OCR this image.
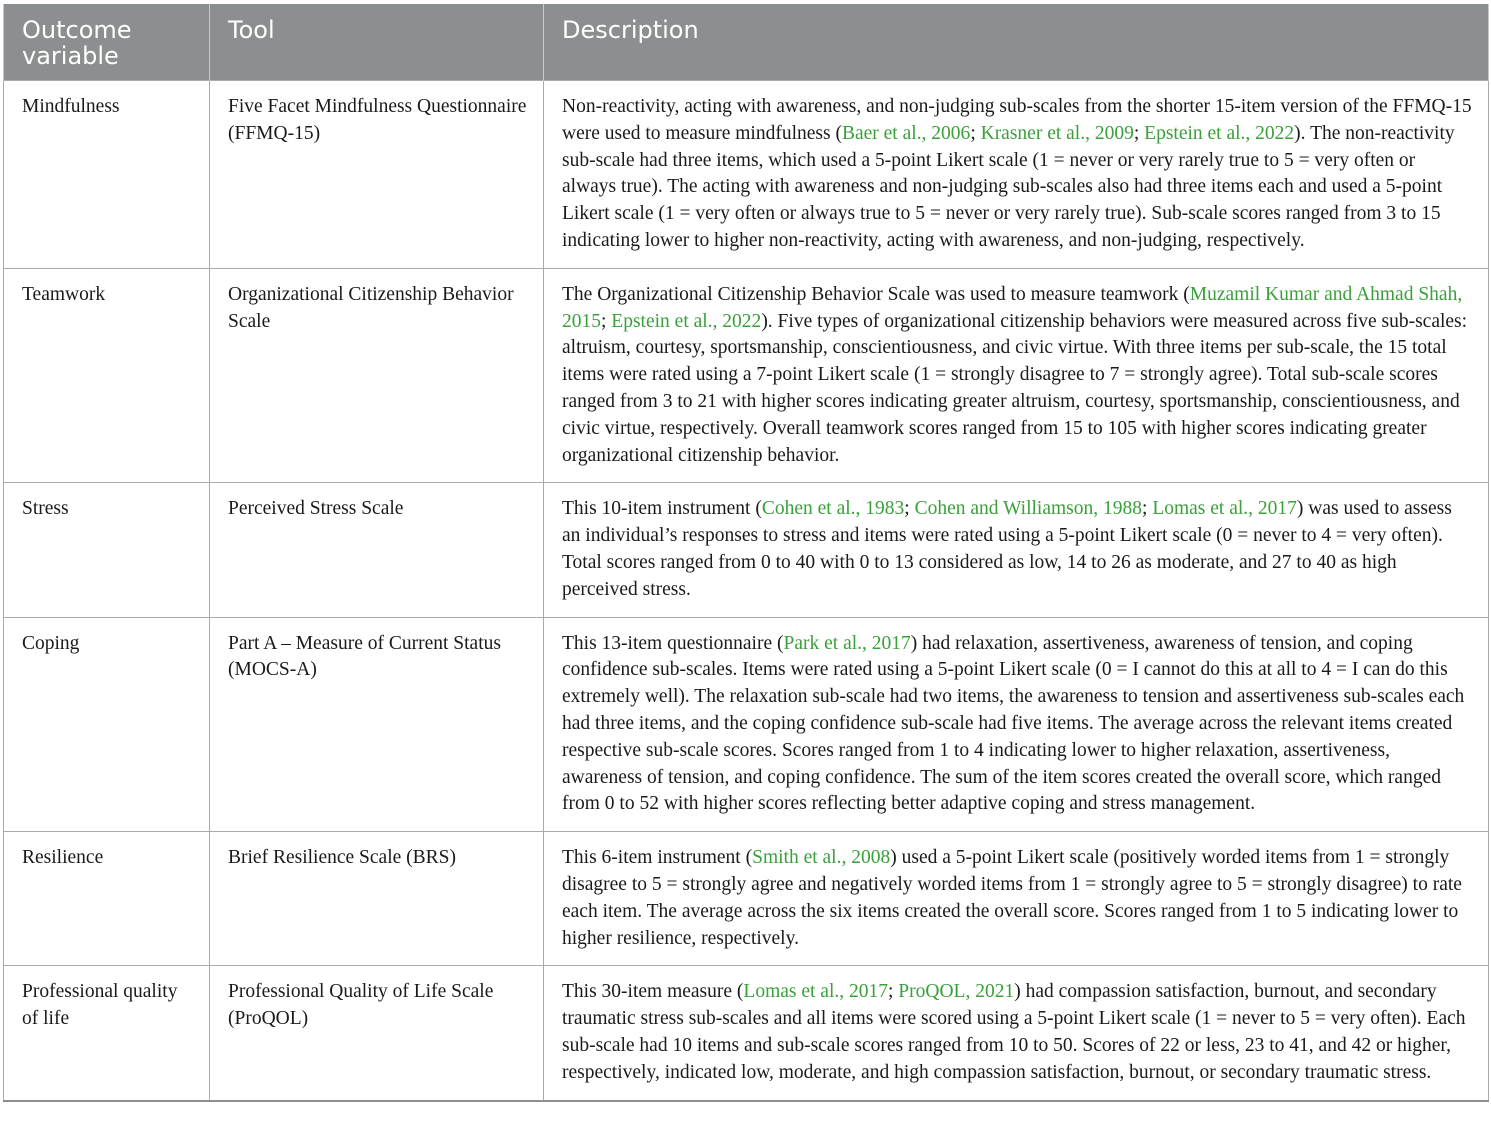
Outcome variable	Tool	Description
Mindfulness	Five Facet Mindfulness Questionnaire (FFMQ-15)	Non-reactivity, acting with awareness, and non-judging sub-scales from the shorter 15-item version of the FFMQ-15 were used to measure mindfulness (Baer et al., 2006; Krasner et al., 2009; Epstein et al., 2022). The non-reactivity sub-scale had three items, which used a 5-point Likert scale (1 = never or very rarely true to 5 = very often or always true). The acting with awareness and non-judging sub-scales also had three items each and used a 5-point Likert scale (1 = very often or always true to 5 = never or very rarely true). Sub-scale scores ranged from 3 to 15 indicating lower to higher non-reactivity, acting with awareness, and non-judging, respectively.
Teamwork	Organizational Citizenship Behavior Scale	The Organizational Citizenship Behavior Scale was used to measure teamwork (Muzamil Kumar and Ahmad Shah, 2015; Epstein et al., 2022). Five types of organizational citizenship behaviors were measured across five sub-scales: altruism, courtesy, sportsmanship, conscientiousness, and civic virtue. With three items per sub-scale, the 15 total items were rated using a 7-point Likert scale (1 = strongly disagree to 7 = strongly agree). Total sub-scale scores ranged from 3 to 21 with higher scores indicating greater altruism, courtesy, sportsmanship, conscientiousness, and civic virtue, respectively. Overall teamwork scores ranged from 15 to 105 with higher scores indicating greater organizational citizenship behavior.
Stress	Perceived Stress Scale	This 10-item instrument (Cohen et al., 1983; Cohen and Williamson, 1988; Lomas et al., 2017) was used to assess an individual’s responses to stress and items were rated using a 5-point Likert scale (0 = never to 4 = very often). Total scores ranged from 0 to 40 with 0 to 13 considered as low, 14 to 26 as moderate, and 27 to 40 as high perceived stress.
Coping	Part A – Measure of Current Status (MOCS-A)	This 13-item questionnaire (Park et al., 2017) had relaxation, assertiveness, awareness of tension, and coping confidence sub-scales. Items were rated using a 5-point Likert scale (0 = I cannot do this at all to 4 = I can do this extremely well). The relaxation sub-scale had two items, the awareness to tension and assertiveness sub-scales each had three items, and the coping confidence sub-scale had five items. The average across the relevant items created respective sub-scale scores. Scores ranged from 1 to 4 indicating lower to higher relaxation, assertiveness, awareness of tension, and coping confidence. The sum of the item scores created the overall score, which ranged from 0 to 52 with higher scores reflecting better adaptive coping and stress management.
Resilience	Brief Resilience Scale (BRS)	This 6-item instrument (Smith et al., 2008) used a 5-point Likert scale (positively worded items from 1 = strongly disagree to 5 = strongly agree and negatively worded items from 1 = strongly agree to 5 = strongly disagree) to rate each item. The average across the six items created the overall score. Scores ranged from 1 to 5 indicating lower to higher resilience, respectively.
Professional quality of life	Professional Quality of Life Scale (ProQOL)	This 30-item measure (Lomas et al., 2017; ProQOL, 2021) had compassion satisfaction, burnout, and secondary traumatic stress sub-scales and all items were scored using a 5-point Likert scale (1 = never to 5 = very often). Each sub-scale had 10 items and sub-scale scores ranged from 10 to 50. Scores of 22 or less, 23 to 41, and 42 or higher, respectively, indicated low, moderate, and high compassion satisfaction, burnout, or secondary traumatic stress.
